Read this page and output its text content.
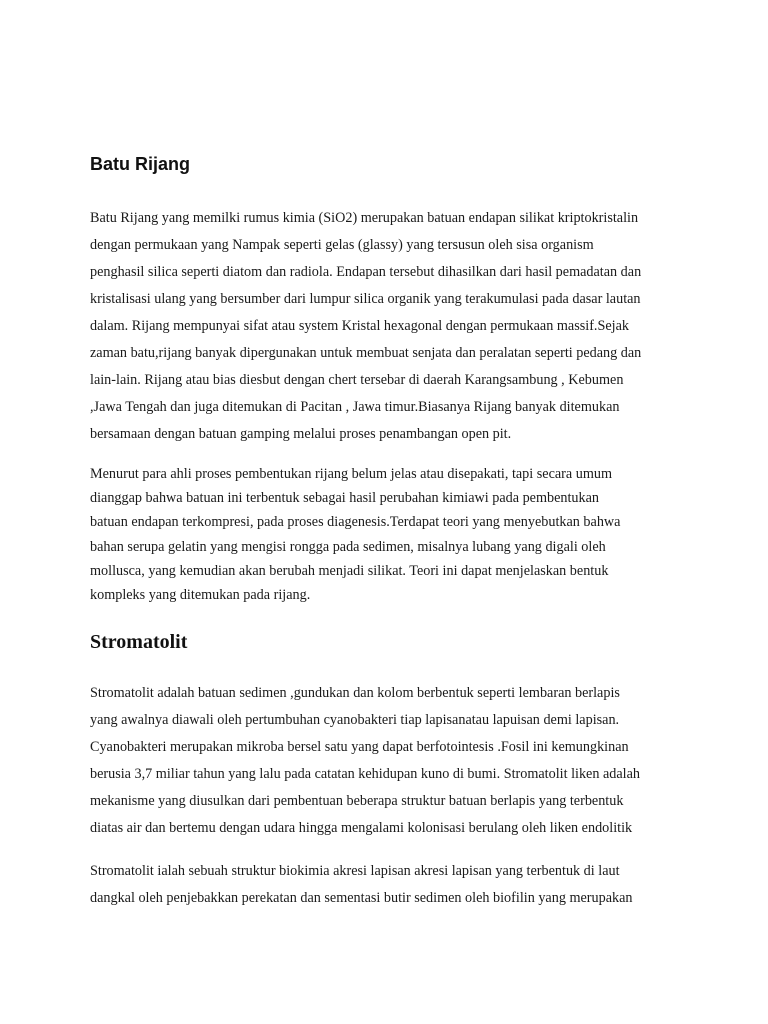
Batu Rijang

Batu Rijang yang memilki rumus kimia (SiO2) merupakan batuan endapan silikat kriptokristalin
dengan permukaan yang Nampak seperti gelas (glassy) yang tersusun oleh sisa organism
penghasil silica seperti diatom dan radiola. Endapan tersebut dihasilkan dari hasil pemadatan dan
kristalisasi ulang yang bersumber dari lumpur silica organik yang terakumulasi pada dasar lautan
dalam. Rijang mempunyai sifat atau system Kristal hexagonal dengan permukaan massif.Sejak
zaman batu,rijang banyak dipergunakan untuk membuat senjata dan peralatan seperti pedang dan
lain-lain. Rijang atau bias diesbut dengan chert tersebar di daerah Karangsambung , Kebumen
,Jawa Tengah dan juga ditemukan di Pacitan , Jawa timur.Biasanya Rijang banyak ditemukan
bersamaan dengan batuan gamping melalui proses penambangan open pit.

Menurut para ahli proses pembentukan rijang belum jelas atau disepakati, tapi secara umum
dianggap bahwa batuan ini terbentuk sebagai hasil perubahan kimiawi pada pembentukan
batuan endapan terkompresi, pada proses diagenesis.Terdapat teori yang menyebutkan bahwa
bahan serupa gelatin yang mengisi rongga pada sedimen, misalnya lubang yang digali oleh
mollusca, yang kemudian akan berubah menjadi silikat. Teori ini dapat menjelaskan bentuk
kompleks yang ditemukan pada rijang.

Stromatolit

Stromatolit adalah batuan sedimen ,gundukan dan kolom berbentuk seperti lembaran berlapis
yang awalnya diawali oleh pertumbuhan cyanobakteri tiap lapisanatau lapuisan demi lapisan.
Cyanobakteri merupakan mikroba bersel satu yang dapat berfotointesis .Fosil ini kemungkinan
berusia 3,7 miliar tahun yang lalu pada catatan kehidupan kuno di bumi. Stromatolit liken adalah
mekanisme yang diusulkan dari pembentuan beberapa struktur batuan berlapis yang terbentuk
diatas air dan bertemu dengan udara hingga mengalami kolonisasi berulang oleh liken endolitik

Stromatolit ialah sebuah struktur biokimia akresi lapisan akresi lapisan yang terbentuk di laut
dangkal oleh penjebakkan perekatan dan sementasi butir sedimen oleh biofilin yang merupakan
